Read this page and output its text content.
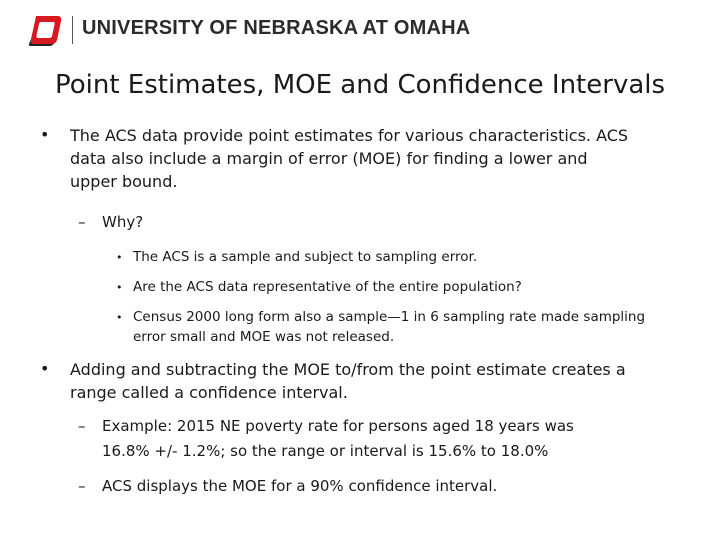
UNIVERSITY OF NEBRASKA AT OMAHA
Point Estimates, MOE and Confidence Intervals
• The ACS data provide point estimates for various characteristics. ACS
data also include a margin of error (MOE) for finding a lower and
upper bound.
– Why?
• The ACS is a sample and subject to sampling error.
• Are the ACS data representative of the entire population?
• Census 2000 long form also a sample—1 in 6 sampling rate made sampling
error small and MOE was not released.
• Adding and subtracting the MOE to/from the point estimate creates a
range called a confidence interval.
– Example: 2015 NE poverty rate for persons aged 18 years was
16.8% +/- 1.2%; so the range or interval is 15.6% to 18.0%
– ACS displays the MOE for a 90% confidence interval.
